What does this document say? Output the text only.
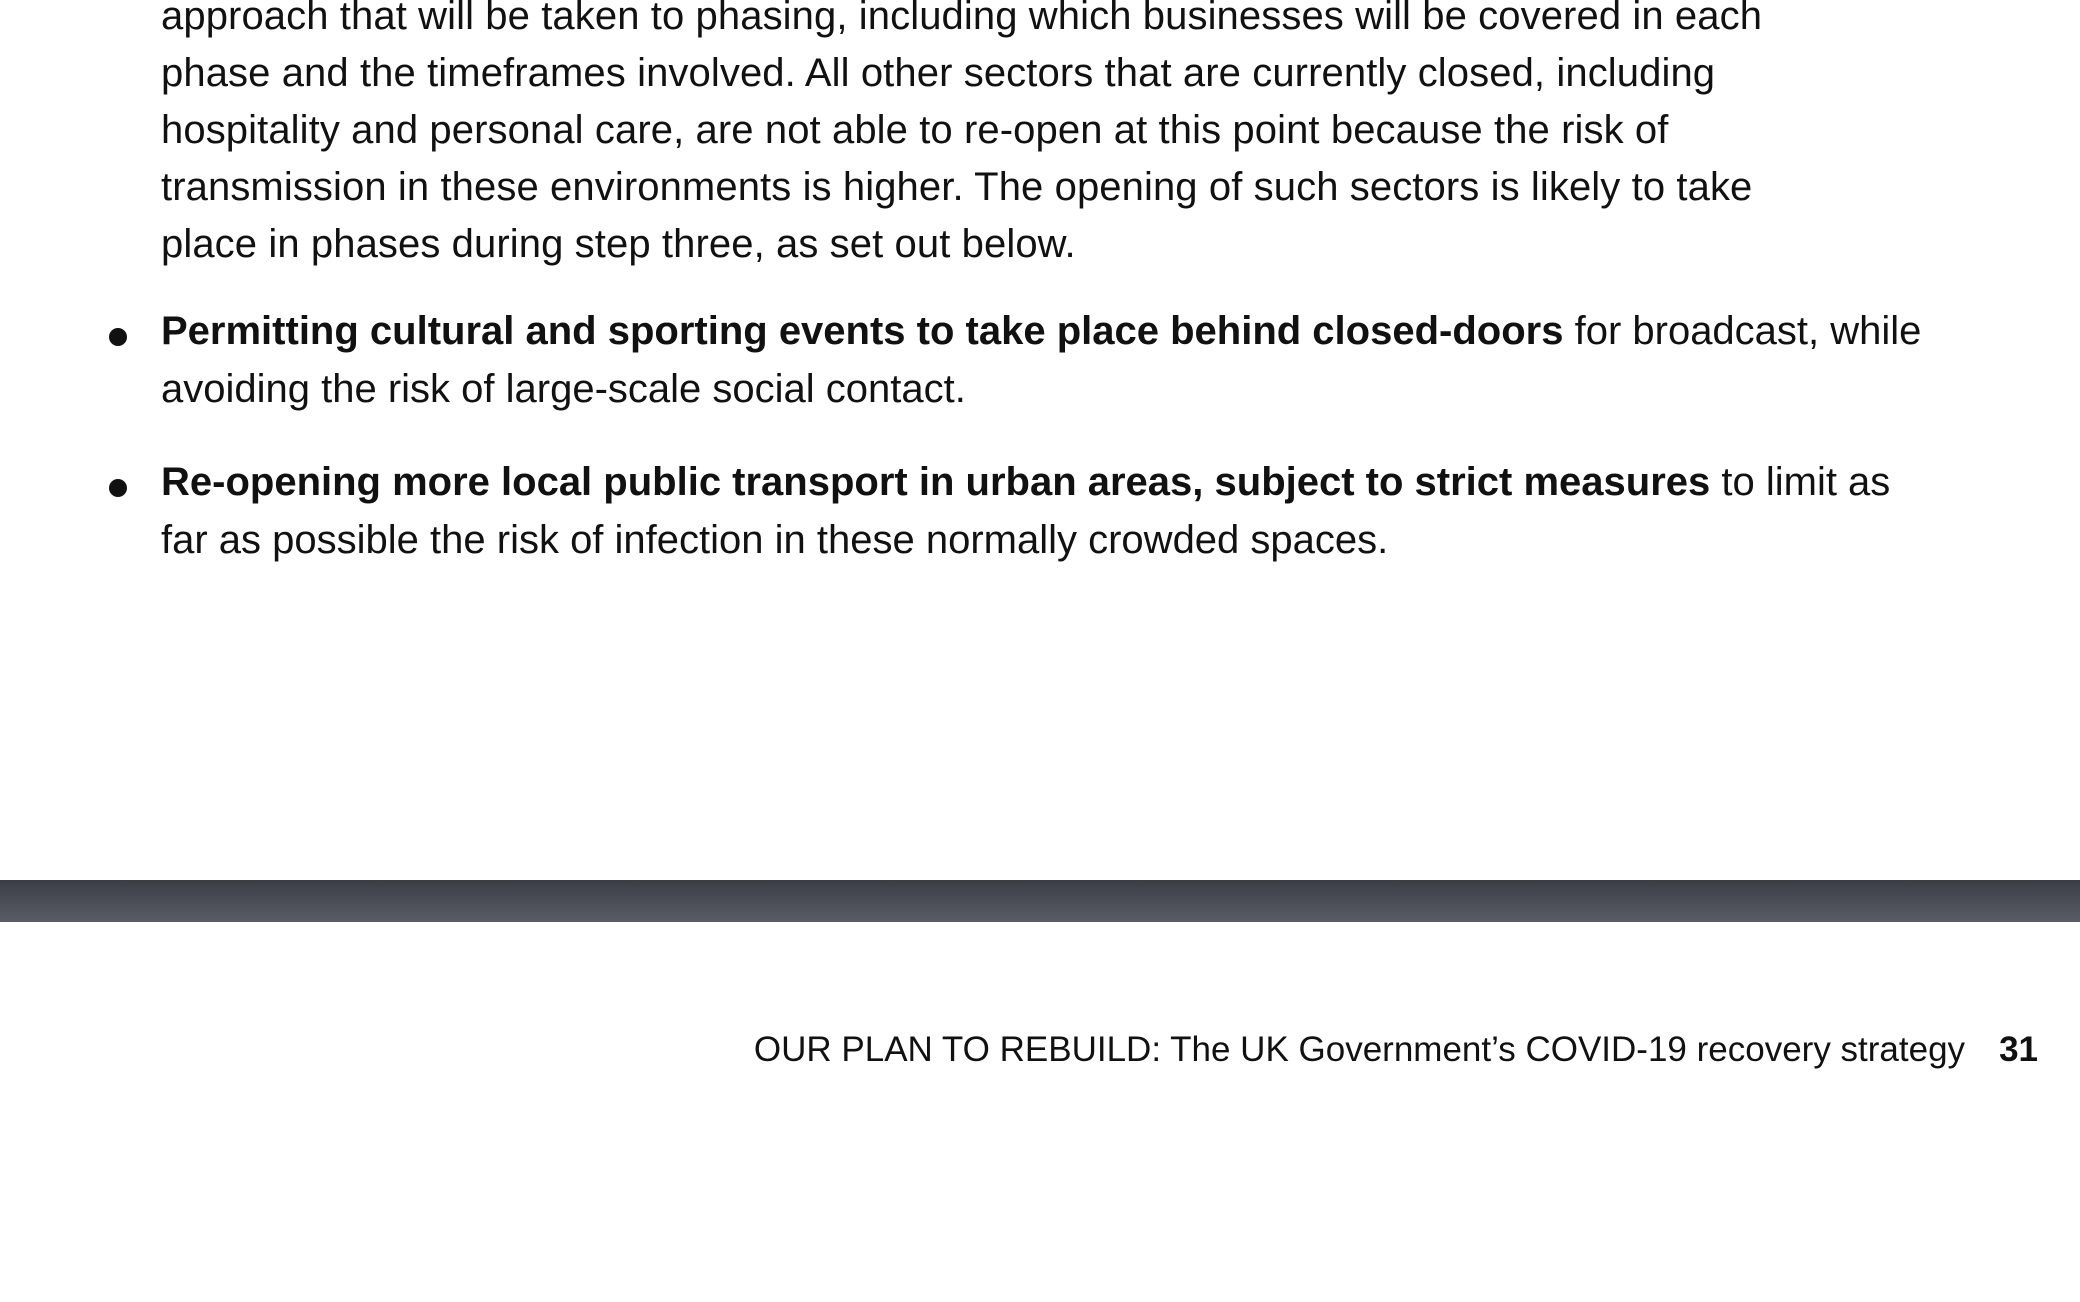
approach that will be taken to phasing, including which businesses will be covered in each
phase and the timeframes involved. All other sectors that are currently closed, including
hospitality and personal care, are not able to re-open at this point because the risk of
transmission in these environments is higher. The opening of such sectors is likely to take
place in phases during step three, as set out below.

Permitting cultural and sporting events to take place behind closed-doors for broadcast, while avoiding the risk of large-scale social contact.
Re-opening more local public transport in urban areas, subject to strict measures to limit as far as possible the risk of infection in these normally crowded spaces.
OUR PLAN TO REBUILD: The UK Government’s COVID-19 recovery strategy 31
